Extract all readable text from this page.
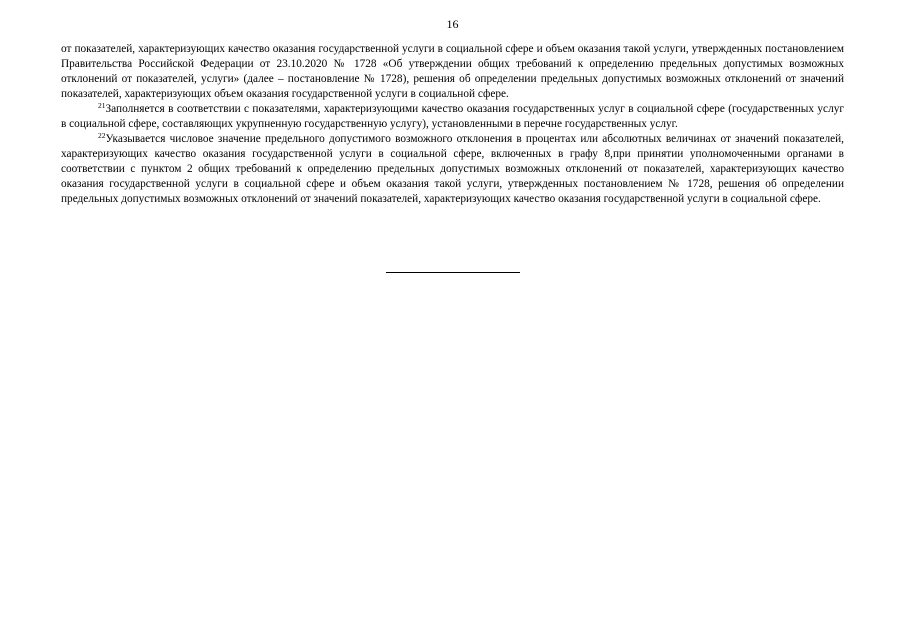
16

от показателей, характеризующих качество оказания государственной услуги в социальной сфере и объем оказания такой услуги, утвержденных постановлением Правительства Российской Федерации от 23.10.2020 № 1728 «Об утверждении общих требований к определению предельных допустимых возможных отклонений от показателей, услуги» (далее – постановление № 1728), решения об определении предельных допустимых возможных отклонений от значений показателей, характеризующих объем оказания государственной услуги в социальной сфере.

$^{21}$Заполняется в соответствии с показателями, характеризующими качество оказания государственных услуг в социальной сфере (государственных услуг в социальной сфере, составляющих укрупненную государственную услугу), установленными в перечне государственных услуг.

$^{22}$Указывается числовое значение предельного допустимого возможного отклонения в процентах или абсолютных величинах от значений показателей, характеризующих качество оказания государственной услуги в социальной сфере, включенных в графу 8,при принятии уполномоченными органами в соответствии с пунктом 2 общих требований к определению предельных допустимых возможных отклонений от показателей, характеризующих качество оказания государственной услуги в социальной сфере и объем оказания такой услуги, утвержденных постановлением № 1728, решения об определении предельных допустимых возможных отклонений от значений показателей, характеризующих качество оказания государственной услуги в социальной сфере.
